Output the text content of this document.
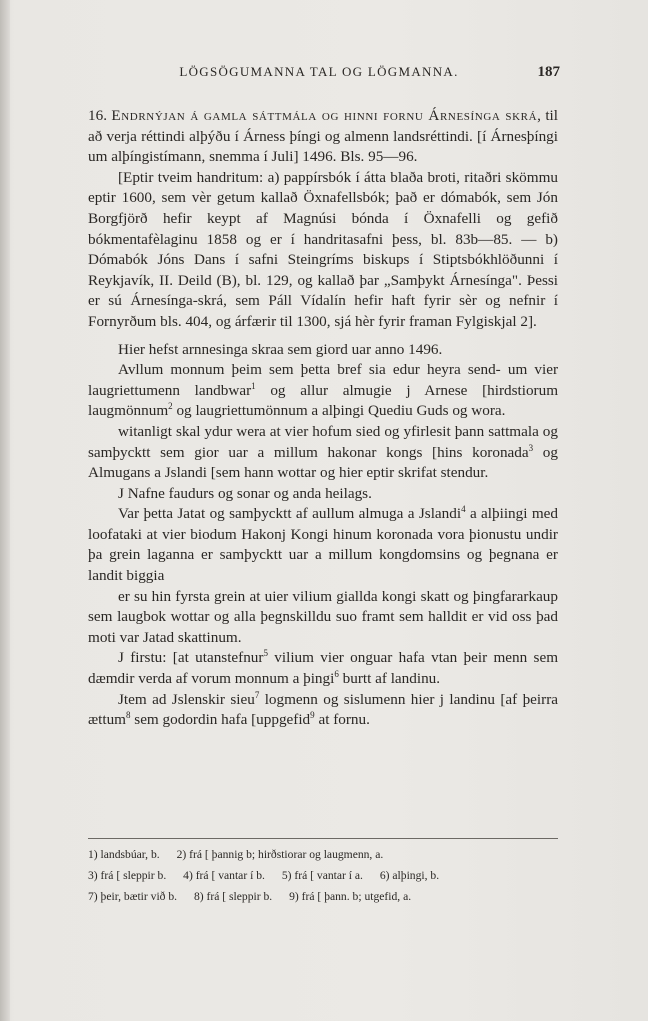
LÖGSÖGUMANNA TAL OG LÖGMANNA.	187

16. Endrnýjan á gamla sáttmála og hinni fornu Árnesínga skrá, til að verja réttindi alþýðu í Árness þíngi og almenn landsréttindi. [í Árnesþíngi um alþíngistímann, snemma í Juli] 1496. Bls. 95—96.

[Eptir tveim handritum: a) pappírsbók í átta blaða broti, ritaðri skömmu eptir 1600, sem vèr getum kallað Öxnafellsbók; það er dómabók, sem Jón Borgfjörð hefir keypt af Magnúsi bónda í Öxnafelli og gefið bókmentafèlaginu 1858 og er í handritasafni þess, bl. 83b—85. — b) Dómabók Jóns Dans í safni Steingríms biskups í Stiptsbókhlöðunni í Reykjavík, II. Deild (B), bl. 129, og kallað þar „Samþykt Árnesínga". Þessi er sú Árnesínga-skrá, sem Páll Vídalín hefir haft fyrir sèr og nefnir í Fornyrðum bls. 404, og árfærir til 1300, sjá hèr fyrir framan Fylgiskjal 2].

Hier hefst arnnesinga skraa sem giord uar anno 1496.

Avllum monnum þeim sem þetta bref sia edur heyra send- um vier laugriettumenn landbwar$^1$ og allur almugie j Arnese [hirdstiorum laugmönnum$^2$ og laugriettumönnum a alþingi Quediu Guds og wora.

witanligt skal ydur wera at vier hofum sied og yfirlesit þann sattmala og samþycktt sem gior uar a millum hakonar kongs [hins koronada$^3$ og Almugans a Jslandi [sem hann wottar og hier eptir skrifat stendur.

J Nafne faudurs og sonar og anda heilags.

Var þetta Jatat og samþycktt af aullum almuga a Jslandi$^4$ a alþiingi med loofataki at vier biodum Hakonj Kongi hinum koronada vora þionustu undir þa grein laganna er samþycktt uar a millum kongdomsins og þegnana er landit biggia

er su hin fyrsta grein at uier vilium giallda kongi skatt og þingfararkaup sem laugbok wottar og alla þegnskilldu suo framt sem halldit er vid oss þad moti var Jatad skattinum.

J firstu: [at utanstefnur$^5$ vilium vier onguar hafa vtan þeir menn sem dæmdir verda af vorum monnum a þingi$^6$ burtt af landinu.

Jtem ad Jslenskir sieu$^7$ logmenn og sislumenn hier j landinu [af þeirra ættum$^8$ sem godordin hafa [uppgefid$^9$ at fornu.

1) landsbúar, b. 2) frá [ þannig b; hirðstiorar og laugmenn, a.
3) frá [ sleppir b. 4) frá [ vantar í b. 5) frá [ vantar í a. 6) alþingi, b.
7) þeir, bætir við b. 8) frá [ sleppir b. 9) frá [ þann. b; utgefid, a.
